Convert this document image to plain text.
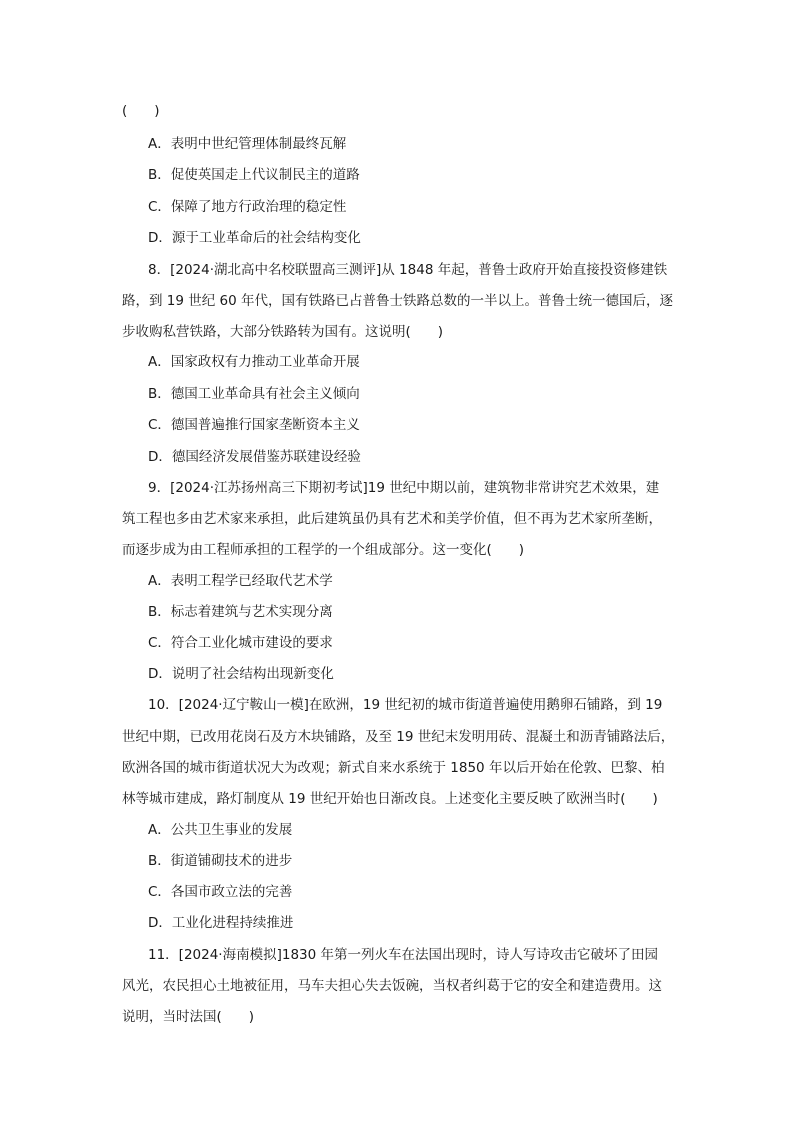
(　　)
A．表明中世纪管理体制最终瓦解
B．促使英国走上代议制民主的道路
C．保障了地方行政治理的稳定性
D．源于工业革命后的社会结构变化
8．[2024·湖北高中名校联盟高三测评]从 1848 年起，普鲁士政府开始直接投资修建铁
路，到 19 世纪 60 年代，国有铁路已占普鲁士铁路总数的一半以上。普鲁士统一德国后，逐
步收购私营铁路，大部分铁路转为国有。这说明(　　)
A．国家政权有力推动工业革命开展
B．德国工业革命具有社会主义倾向
C．德国普遍推行国家垄断资本主义
D．德国经济发展借鉴苏联建设经验
9．[2024·江苏扬州高三下期初考试]19 世纪中期以前，建筑物非常讲究艺术效果，建
筑工程也多由艺术家来承担，此后建筑虽仍具有艺术和美学价值，但不再为艺术家所垄断，
而逐步成为由工程师承担的工程学的一个组成部分。这一变化(　　)
A．表明工程学已经取代艺术学
B．标志着建筑与艺术实现分离
C．符合工业化城市建设的要求
D．说明了社会结构出现新变化
10．[2024·辽宁鞍山一模]在欧洲，19 世纪初的城市街道普遍使用鹅卵石铺路，到 19
世纪中期，已改用花岗石及方木块铺路，及至 19 世纪末发明用砖、混凝土和沥青铺路法后，
欧洲各国的城市街道状况大为改观；新式自来水系统于 1850 年以后开始在伦敦、巴黎、柏
林等城市建成，路灯制度从 19 世纪开始也日渐改良。上述变化主要反映了欧洲当时(　　)
A．公共卫生事业的发展
B．街道铺砌技术的进步
C．各国市政立法的完善
D．工业化进程持续推进
11．[2024·海南模拟]1830 年第一列火车在法国出现时，诗人写诗攻击它破坏了田园
风光，农民担心土地被征用，马车夫担心失去饭碗，当权者纠葛于它的安全和建造费用。这
说明，当时法国(　　)
